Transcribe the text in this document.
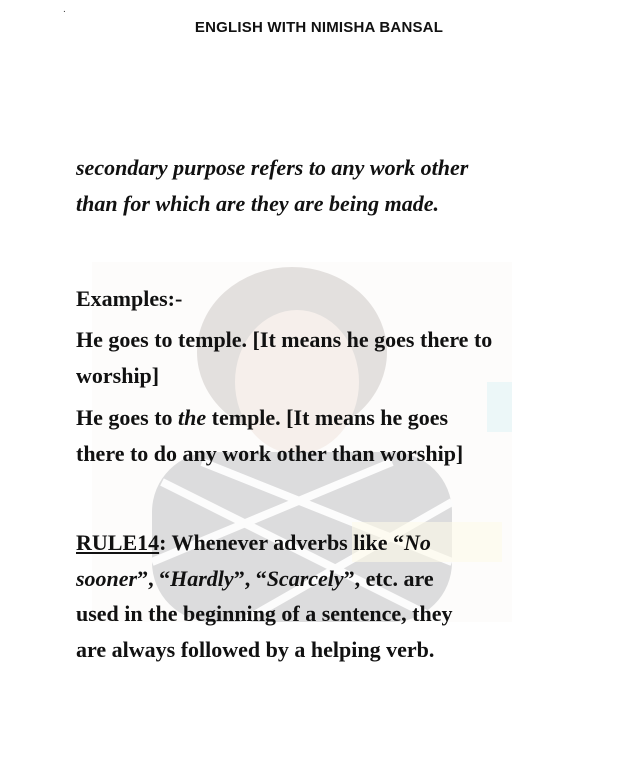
.
ENGLISH WITH NIMISHA BANSAL
secondary purpose refers to any work other
than for which are they are being made.
Examples:-
He goes to temple. [It means he goes there to
worship]
He goes to the temple. [It means he goes
there to do any work other than worship]
RULE14: Whenever adverbs like “No
sooner”, “Hardly”, “Scarcely”, etc. are
used in the beginning of a sentence, they
are always followed by a helping verb.
